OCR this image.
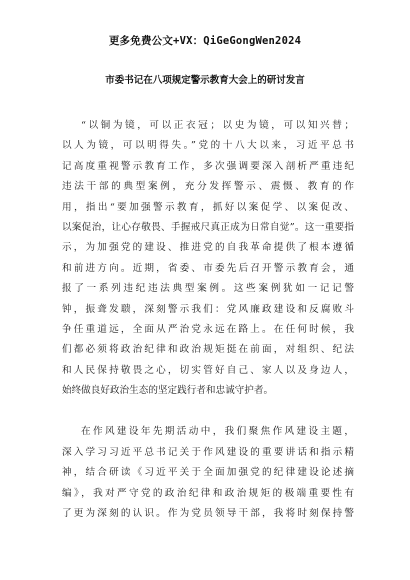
更多免费公文+VX：QiGeGongWen2024
市委书记在八项规定警示教育大会上的研讨发言
“以铜为镜，可以正衣冠；以史为镜，可以知兴替；
以人为镜，可以明得失。”党的十八大以来，习近平总书
记高度重视警示教育工作，多次强调要深入剖析严重违纪
违法干部的典型案例，充分发挥警示、震慑、教育的作
用，指出“要加强警示教育，抓好以案促学、以案促改、
以案促治，让心存敬畏、手握戒尺真正成为日常自觉”。这一重要指
示，为加强党的建设、推进党的自我革命提供了根本遵循
和前进方向。近期，省委、市委先后召开警示教育会，通
报了一系列违纪违法典型案例。这些案例犹如一记记警
钟，振聋发聩，深刻警示我们：党风廉政建设和反腐败斗
争任重道远，全面从严治党永远在路上。在任何时候，我
们都必须将政治纪律和政治规矩挺在前面，对组织、纪法
和人民保持敬畏之心，切实管好自己、家人以及身边人，
始终做良好政治生态的坚定践行者和忠诚守护者。
在作风建设年先期活动中，我们聚焦作风建设主题，
深入学习习近平总书记关于作风建设的重要讲话和指示精
神，结合研读《习近平关于全面加强党的纪律建设论述摘
编》，我对严守党的政治纪律和政治规矩的极端重要性有
了更为深刻的认识。作为党员领导干部，我将时刻保持警
